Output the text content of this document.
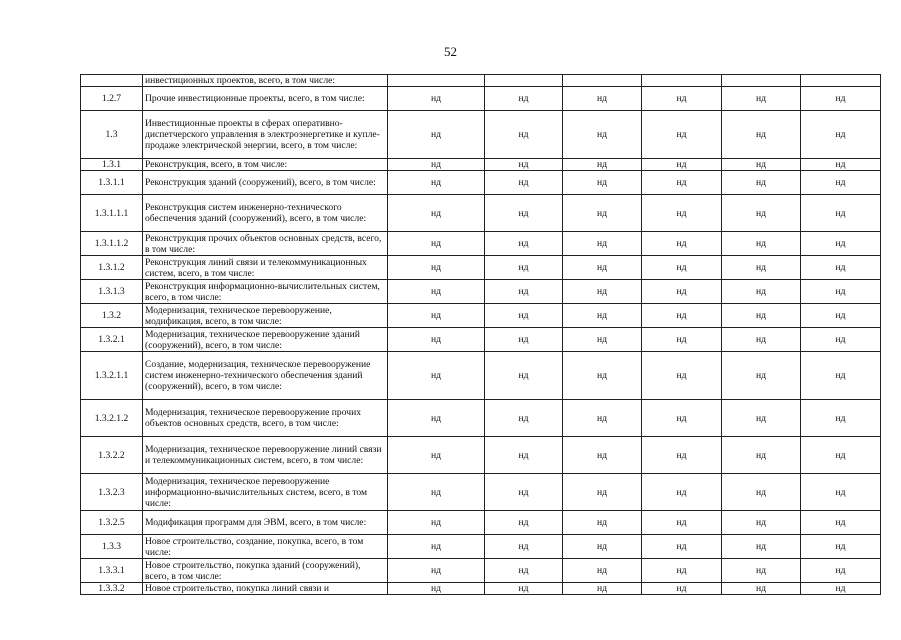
52
	инвестиционных проектов, всего, в том числе:						
1.2.7	Прочие инвестиционные проекты, всего, в том числе:	нд	нд	нд	нд	нд	нд
1.3	Инвестиционные проекты в сферах оперативно-диспетчерского управления в электроэнергетике и купле-продаже электрической энергии, всего, в том числе:	нд	нд	нд	нд	нд	нд
1.3.1	Реконструкция, всего, в том числе:	нд	нд	нд	нд	нд	нд
1.3.1.1	Реконструкция зданий (сооружений), всего, в том числе:	нд	нд	нд	нд	нд	нд
1.3.1.1.1	Реконструкция систем инженерно-технического обеспечения зданий (сооружений), всего, в том числе:	нд	нд	нд	нд	нд	нд
1.3.1.1.2	Реконструкция прочих объектов основных средств, всего, в том числе:	нд	нд	нд	нд	нд	нд
1.3.1.2	Реконструкция линий связи и телекоммуникационных систем, всего, в том числе:	нд	нд	нд	нд	нд	нд
1.3.1.3	Реконструкция информационно-вычислительных систем, всего, в том числе:	нд	нд	нд	нд	нд	нд
1.3.2	Модернизация, техническое перевооружение, модификация, всего, в том числе:	нд	нд	нд	нд	нд	нд
1.3.2.1	Модернизация, техническое перевооружение зданий (сооружений), всего, в том числе:	нд	нд	нд	нд	нд	нд
1.3.2.1.1	Создание, модернизация, техническое перевооружение систем инженерно-технического обеспечения зданий (сооружений), всего, в том числе:	нд	нд	нд	нд	нд	нд
1.3.2.1.2	Модернизация, техническое перевооружение прочих объектов основных средств, всего, в том числе:	нд	нд	нд	нд	нд	нд
1.3.2.2	Модернизация, техническое перевооружение линий связи и телекоммуникационных систем, всего, в том числе:	нд	нд	нд	нд	нд	нд
1.3.2.3	Модернизация, техническое перевооружение информационно-вычислительных систем, всего, в том числе:	нд	нд	нд	нд	нд	нд
1.3.2.5	Модификация программ для ЭВМ, всего, в том числе:	нд	нд	нд	нд	нд	нд
1.3.3	Новое строительство, создание, покупка, всего, в том числе:	нд	нд	нд	нд	нд	нд
1.3.3.1	Новое строительство, покупка зданий (сооружений), всего, в том числе:	нд	нд	нд	нд	нд	нд
1.3.3.2	Новое строительство, покупка линий связи и	нд	нд	нд	нд	нд	нд
